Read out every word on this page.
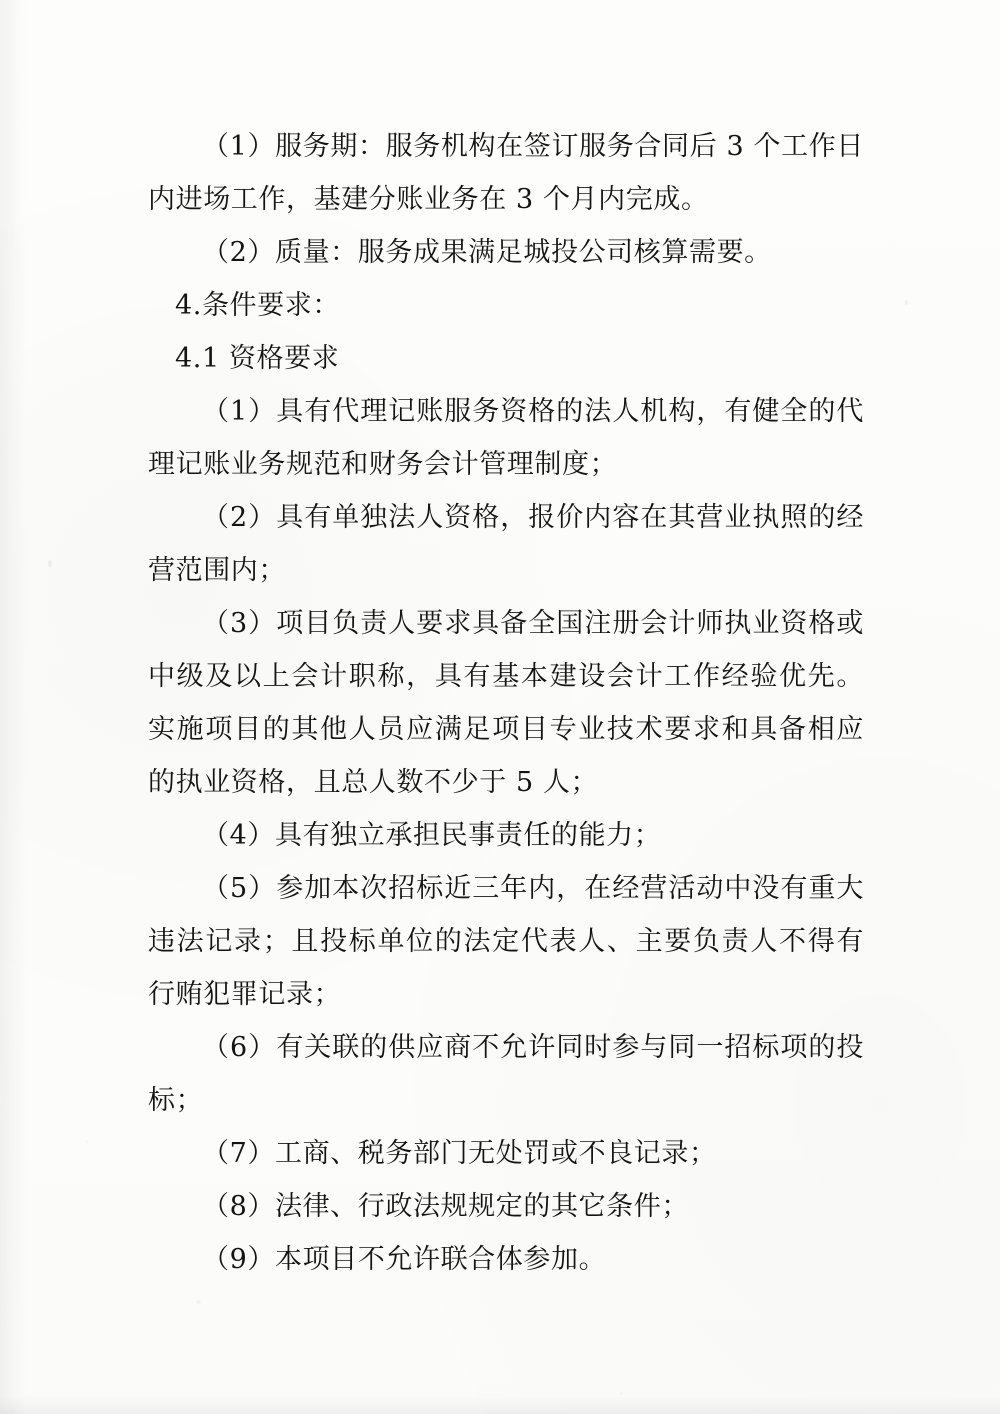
（1）服务期：服务机构在签订服务合同后 3 个工作日内进场工作，基建分账业务在 3 个月内完成。

（2）质量：服务成果满足城投公司核算需要。

4.条件要求：

4.1 资格要求

（1）具有代理记账服务资格的法人机构，有健全的代理记账业务规范和财务会计管理制度；

（2）具有单独法人资格，报价内容在其营业执照的经营范围内；

（3）项目负责人要求具备全国注册会计师执业资格或中级及以上会计职称，具有基本建设会计工作经验优先。实施项目的其他人员应满足项目专业技术要求和具备相应的执业资格，且总人数不少于 5 人；

（4）具有独立承担民事责任的能力；

（5）参加本次招标近三年内，在经营活动中没有重大违法记录；且投标单位的法定代表人、主要负责人不得有行贿犯罪记录；

（6）有关联的供应商不允许同时参与同一招标项的投标；

（7）工商、税务部门无处罚或不良记录；

（8）法律、行政法规规定的其它条件；

（9）本项目不允许联合体参加。
